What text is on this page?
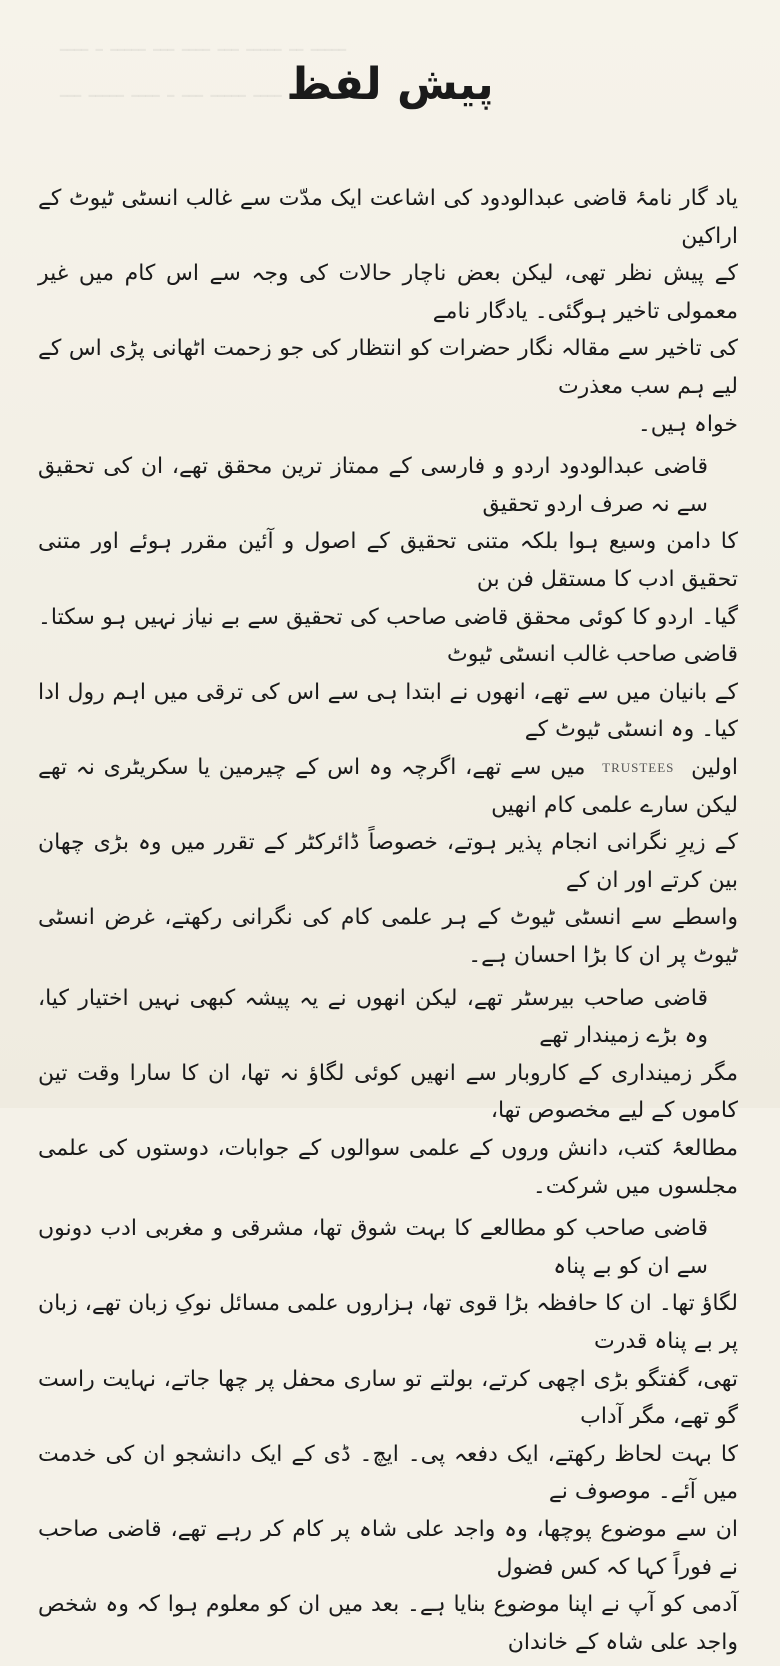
ــــ ـ ـــــ ـــ ــــ ـــ ـــــ ــ ـــــ
ـــ ـــــ ــــ ـ ـــ ـــــ ــــ پیش لفظ
یاد گار نامۂ قاضی عبدالودود کی اشاعت ایک مدّت سے غالب انسٹی ٹیوٹ کے اراکین
کے پیش نظر تھی، لیکن بعض ناچار حالات کی وجہ سے اس کام میں غیر معمولی تاخیر ہوگئی۔ یادگار نامے
کی تاخیر سے مقالہ نگار حضرات کو انتظار کی جو زحمت اٹھانی پڑی اس کے لیے ہم سب معذرت
خواہ ہیں۔
قاضی عبدالودود اردو و فارسی کے ممتاز ترین محقق تھے، ان کی تحقیق سے نہ صرف اردو تحقیق
کا دامن وسیع ہوا بلکہ متنی تحقیق کے اصول و آئین مقرر ہوئے اور متنی تحقیق ادب کا مستقل فن بن
گیا۔ اردو کا کوئی محقق قاضی صاحب کی تحقیق سے بے نیاز نہیں ہو سکتا۔ قاضی صاحب غالب انسٹی ٹیوٹ
کے بانیان میں سے تھے، انھوں نے ابتدا ہی سے اس کی ترقی میں اہم رول ادا کیا۔ وہ انسٹی ٹیوٹ کے
اولین TRUSTEES میں سے تھے، اگرچہ وہ اس کے چیرمین یا سکریٹری نہ تھے لیکن سارے علمی کام انھیں
کے زیرِ نگرانی انجام پذیر ہوتے، خصوصاً ڈائرکٹر کے تقرر میں وہ بڑی چھان بین کرتے اور ان کے
واسطے سے انسٹی ٹیوٹ کے ہر علمی کام کی نگرانی رکھتے، غرض انسٹی ٹیوٹ پر ان کا بڑا احسان ہے۔
قاضی صاحب بیرسٹر تھے، لیکن انھوں نے یہ پیشہ کبھی نہیں اختیار کیا، وہ بڑے زمیندار تھے
مگر زمینداری کے کاروبار سے انھیں کوئی لگاؤ نہ تھا، ان کا سارا وقت تین کاموں کے لیے مخصوص تھا،
مطالعۂ کتب، دانش وروں کے علمی سوالوں کے جوابات، دوستوں کی علمی مجلسوں میں شرکت۔
قاضی صاحب کو مطالعے کا بہت شوق تھا، مشرقی و مغربی ادب دونوں سے ان کو بے پناہ
لگاؤ تھا۔ ان کا حافظہ بڑا قوی تھا، ہزاروں علمی مسائل نوکِ زبان تھے، زبان پر بے پناہ قدرت
تھی، گفتگو بڑی اچھی کرتے، بولتے تو ساری محفل پر چھا جاتے، نہایت راست گو تھے، مگر آداب
کا بہت لحاظ رکھتے، ایک دفعہ پی۔ ایچ۔ ڈی کے ایک دانشجو ان کی خدمت میں آئے۔ موصوف نے
ان سے موضوع پوچھا، وہ واجد علی شاہ پر کام کر رہے تھے، قاضی صاحب نے فوراً کہا کہ کس فضول
آدمی کو آپ نے اپنا موضوع بنایا ہے۔ بعد میں ان کو معلوم ہوا کہ وہ شخص واجد علی شاہ کے خاندان
